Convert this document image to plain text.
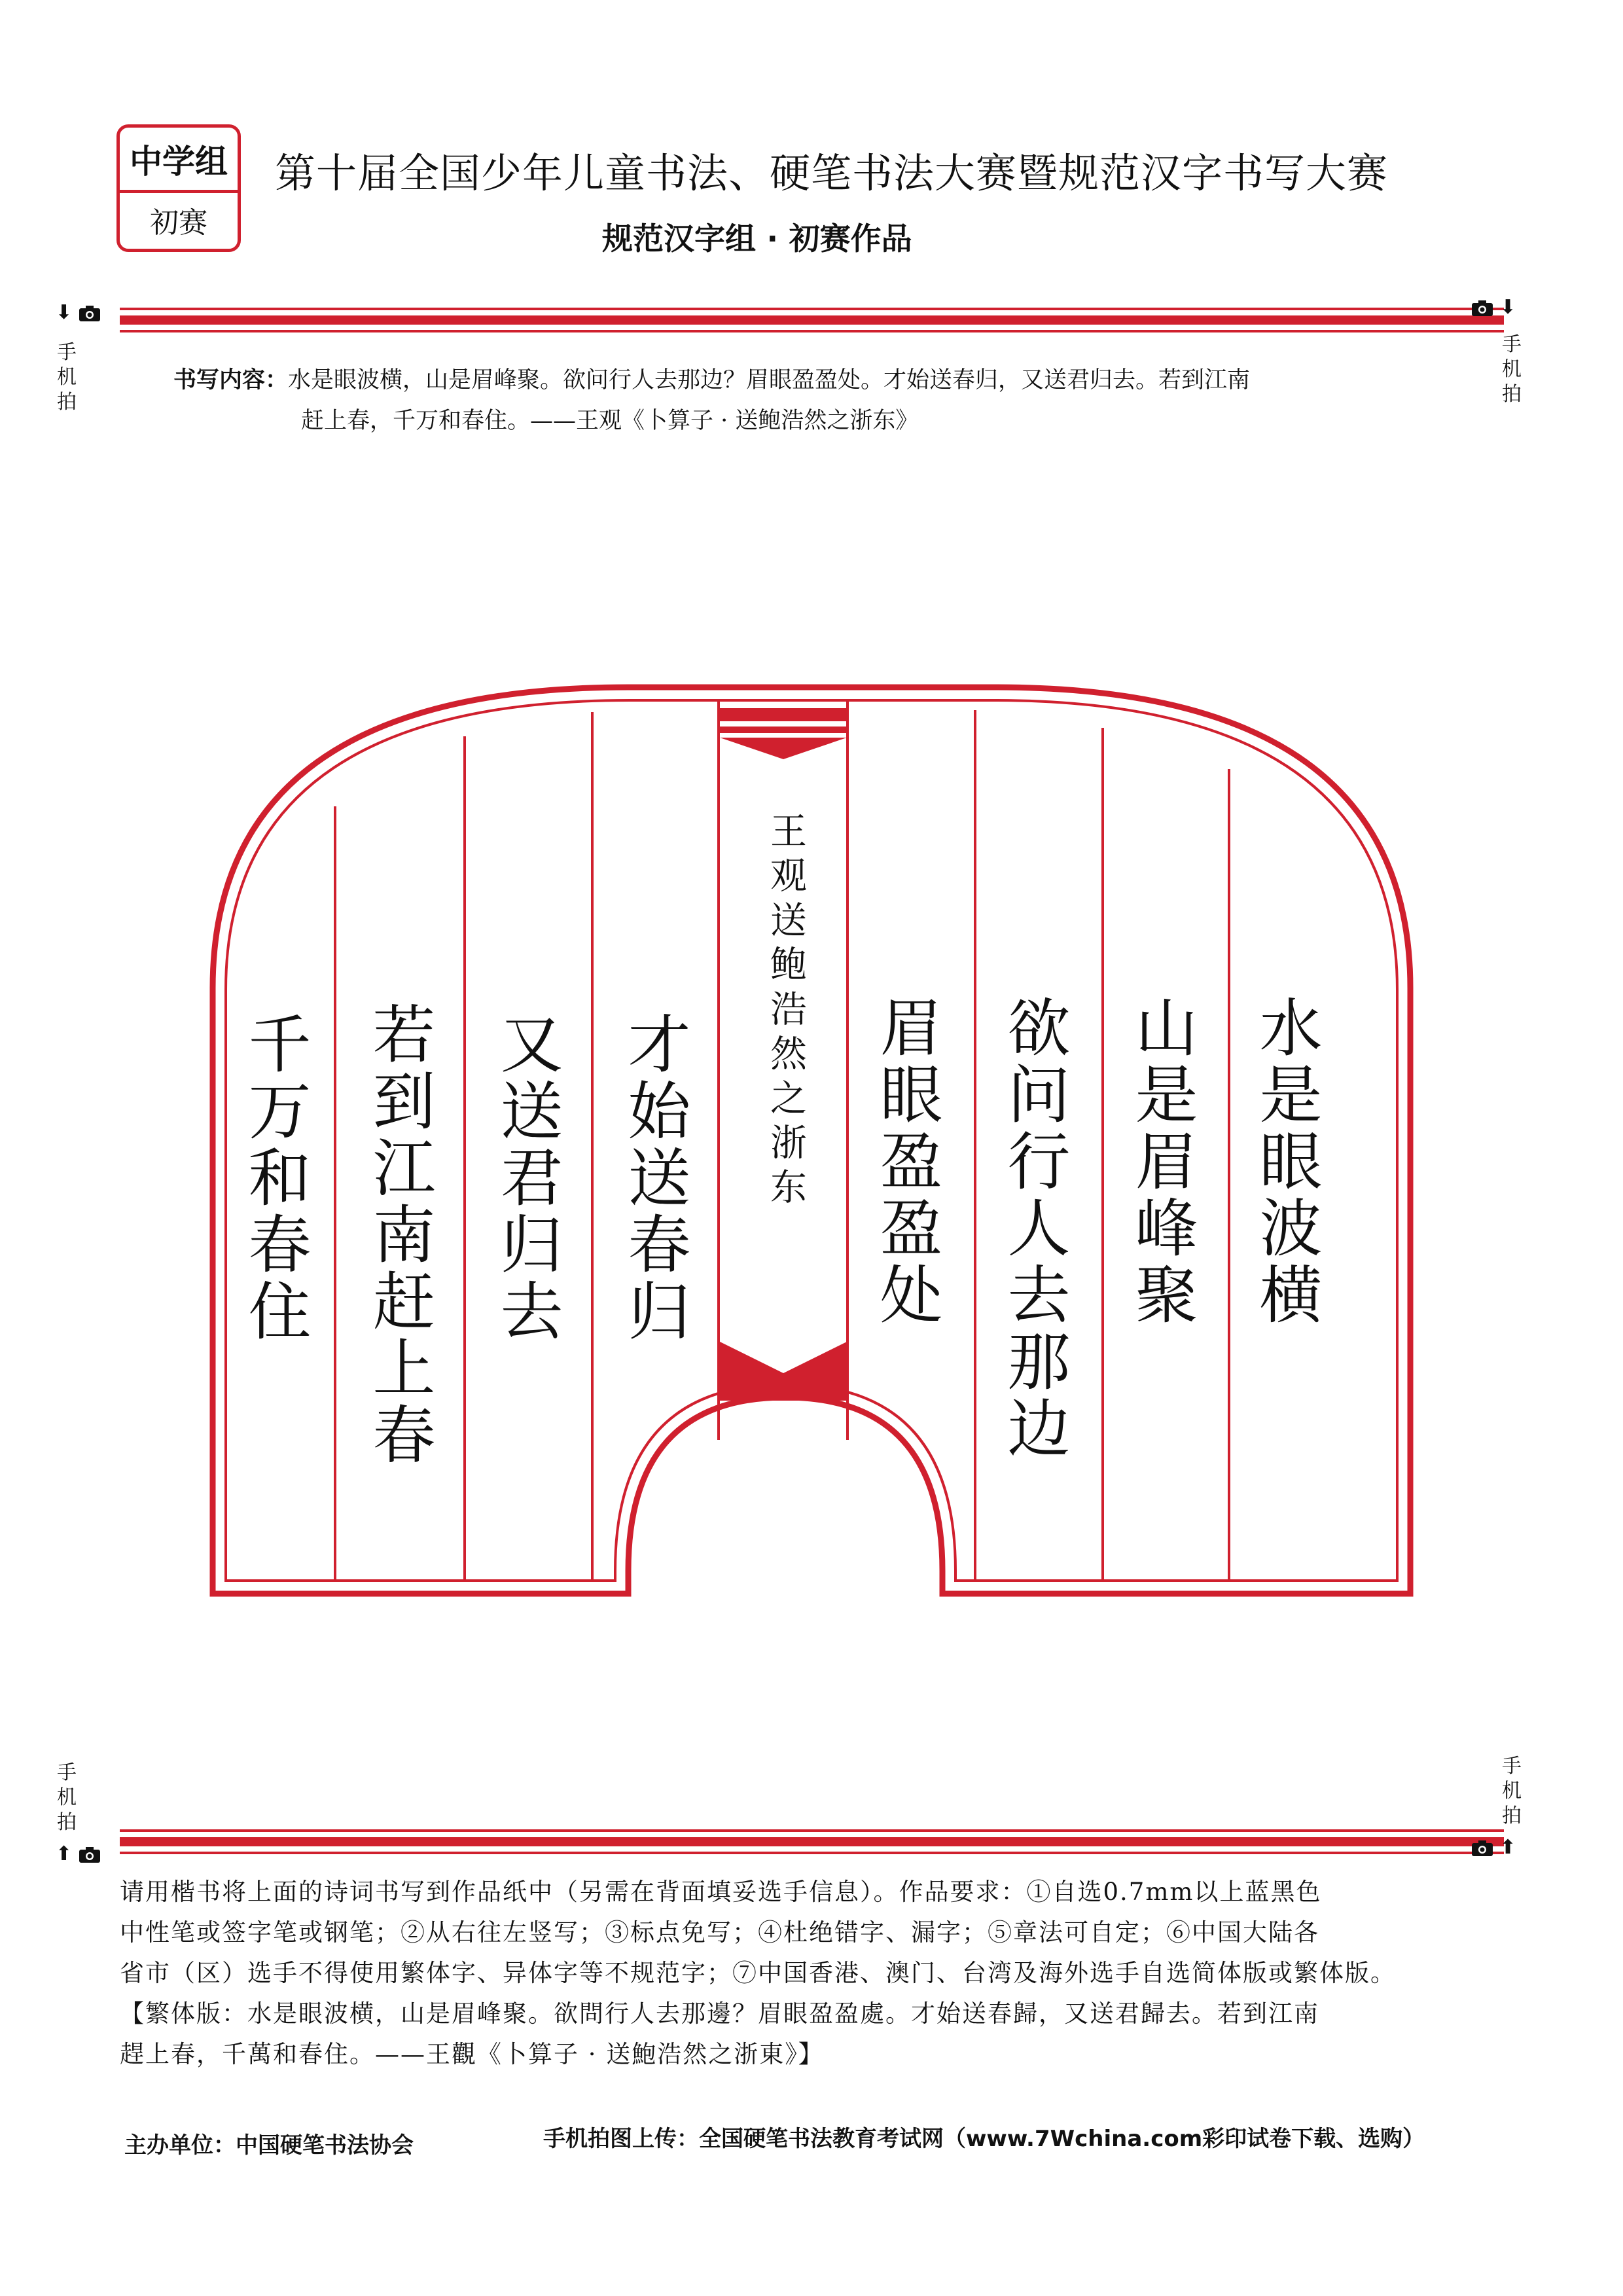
中学组
初赛
第十届全国少年儿童书法、硬笔书法大赛暨规范汉字书写大赛
规范汉字组 · 初赛作品
⬇
手机拍
⬇
手机拍
手机拍
⬆
手机拍
⬆
书写内容：水是眼波横，山是眉峰聚。欲问行人去那边？眉眼盈盈处。才始送春归，又送君归去。若到江南
赶上春，千万和春住。——王观《卜算子 · 送鲍浩然之浙东》
水是眼波横
山是眉峰聚
欲问行人去那边
眉眼盈盈处
王观送鲍浩然之浙东
才始送春归
又送君归去
若到江南赶上春
千万和春住
请用楷书将上面的诗词书写到作品纸中（另需在背面填妥选手信息）。作品要求：①自选0.7mm以上蓝黑色
中性笔或签字笔或钢笔；②从右往左竖写；③标点免写；④杜绝错字、漏字；⑤章法可自定；⑥中国大陆各
省市（区）选手不得使用繁体字、异体字等不规范字；⑦中国香港、澳门、台湾及海外选手自选简体版或繁体版。
【繁体版：水是眼波横，山是眉峰聚。欲問行人去那邊？眉眼盈盈處。才始送春歸，又送君歸去。若到江南
趕上春，千萬和春住。——王觀《卜算子 · 送鮑浩然之浙東》】
主办单位：中国硬笔书法协会	手机拍图上传：全国硬笔书法教育考试网（www.7Wchina.com彩印试卷下载、选购）
